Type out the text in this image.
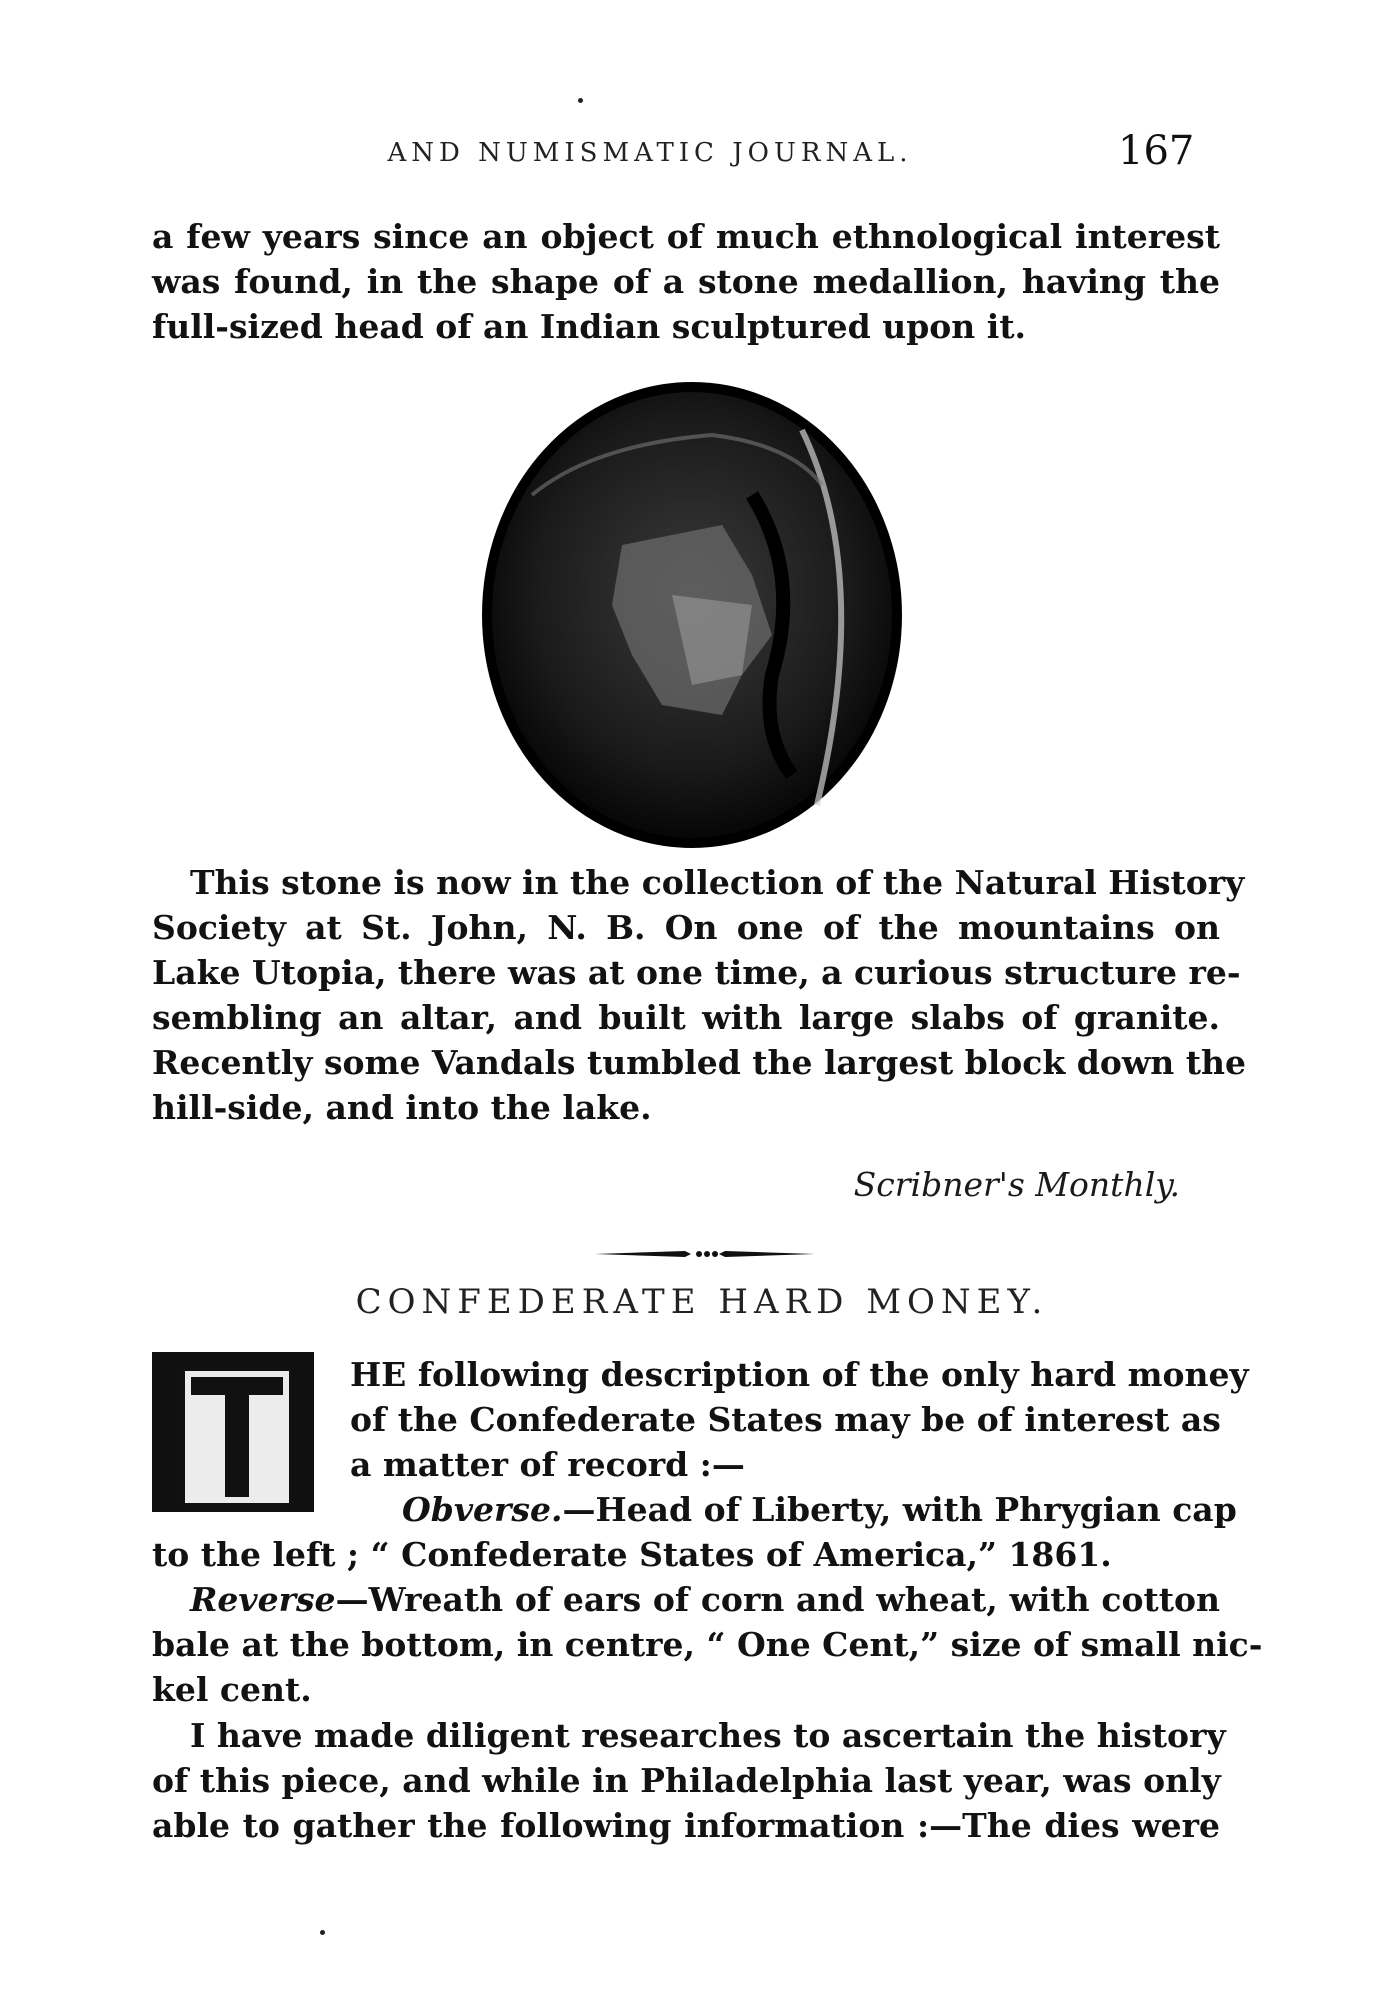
AND NUMISMATIC JOURNAL.	167
a few years since an object of much ethnological interest
was found, in the shape of a stone medallion, having the
full-sized head of an Indian sculptured upon it.
This stone is now in the collection of the Natural History
Society at St. John, N. B. On one of the mountains on
Lake Utopia, there was at one time, a curious structure re-
sembling an altar, and built with large slabs of granite.
Recently some Vandals tumbled the largest block down the
hill-side, and into the lake.
Scribner's Monthly.
CONFEDERATE HARD MONEY.
HE following description of the only hard money
of the Confederate States may be of interest as
a matter of record :—
Obverse.—Head of Liberty, with Phrygian cap
to the left ; “ Confederate States of America,” 1861.
Reverse—Wreath of ears of corn and wheat, with cotton
bale at the bottom, in centre, “ One Cent,” size of small nic-
kel cent.
I have made diligent researches to ascertain the history
of this piece, and while in Philadelphia last year, was only
able to gather the following information :—The dies were
